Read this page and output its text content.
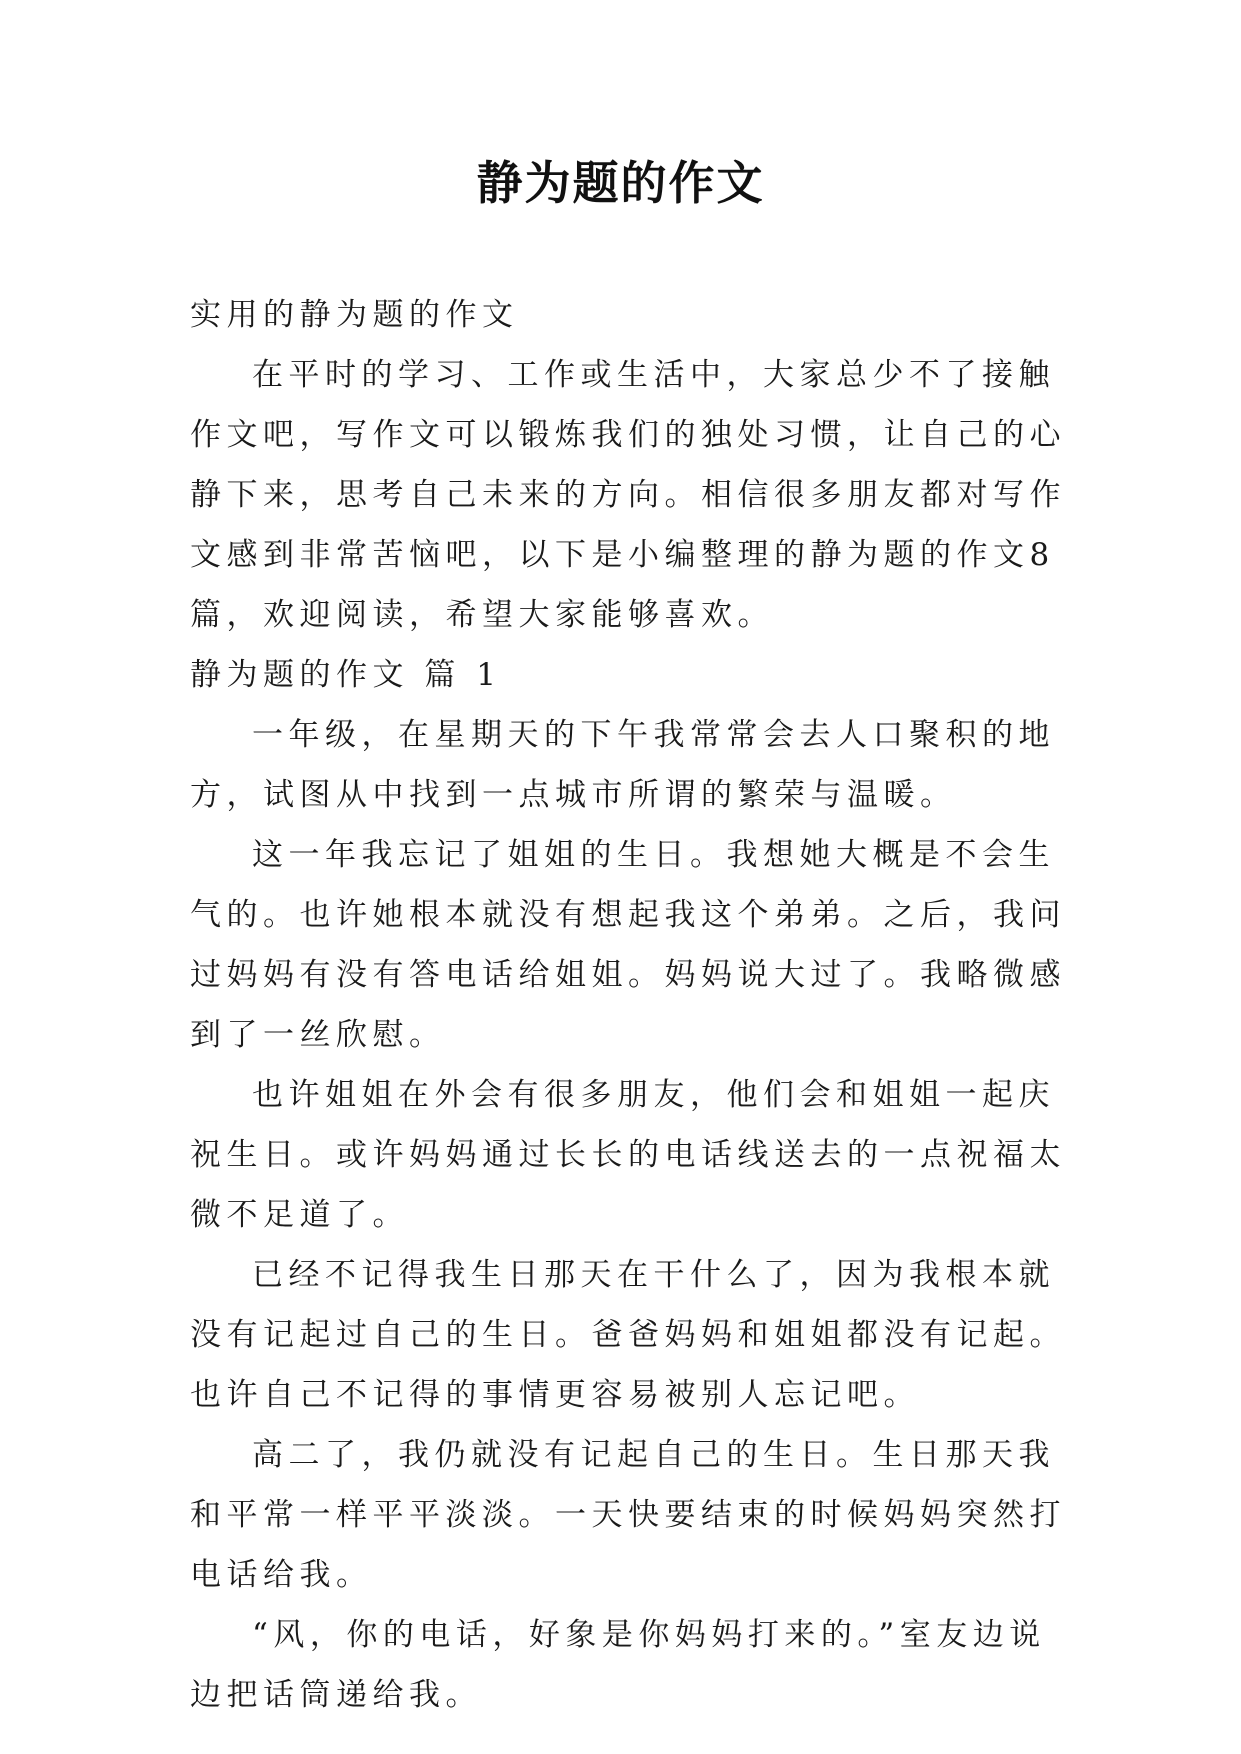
静为题的作文

实用的静为题的作文

在平时的学习、工作或生活中，大家总少不了接触作文吧，写作文可以锻炼我们的独处习惯，让自己的心静下来，思考自己未来的方向。相信很多朋友都对写作文感到非常苦恼吧，以下是小编整理的静为题的作文8篇，欢迎阅读，希望大家能够喜欢。

静为题的作文 篇 1

一年级，在星期天的下午我常常会去人口聚积的地方，试图从中找到一点城市所谓的繁荣与温暖。

这一年我忘记了姐姐的生日。我想她大概是不会生气的。也许她根本就没有想起我这个弟弟。之后，我问过妈妈有没有答电话给姐姐。妈妈说大过了。我略微感到了一丝欣慰。

也许姐姐在外会有很多朋友，他们会和姐姐一起庆祝生日。或许妈妈通过长长的电话线送去的一点祝福太微不足道了。

已经不记得我生日那天在干什么了，因为我根本就没有记起过自己的生日。爸爸妈妈和姐姐都没有记起。也许自己不记得的事情更容易被别人忘记吧。

高二了，我仍就没有记起自己的生日。生日那天我和平常一样平平淡淡。一天快要结束的时候妈妈突然打电话给我。

“风，你的电话，好象是你妈妈打来的。”室友边说边把话筒递给我。
